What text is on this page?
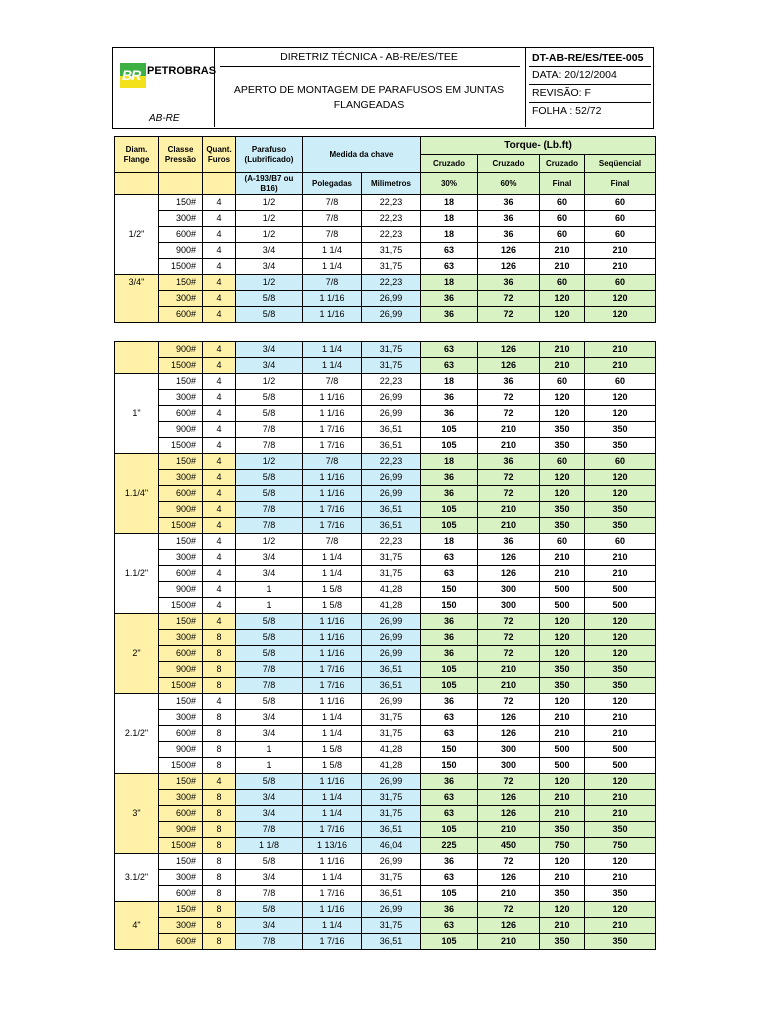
BR PETROBRAS
AB-RE
DIRETRIZ TÉCNICA - AB-RE/ES/TEE
APERTO DE MONTAGEM DE PARAFUSOS EM JUNTAS FLANGEADAS
DT-AB-RE/ES/TEE-005
DATA: 20/12/2004
REVISÃO: F
FOLHA : 52/72
Diam. Flange	Classe Pressão	Quant. Furos	Parafuso (Lubrificado)	Medida da chave		Torque- (Lb.ft)			
						Cruzado	Cruzado	Cruzado	Seqüencial
			(A-193/B7 ou B16)	Polegadas	Milimetros	30%	60%	Final	Final
1/2"	150#	4	1/2	7/8	22,23	18	36	60	60
	300#	4	1/2	7/8	22,23	18	36	60	60
	600#	4	1/2	7/8	22,23	18	36	60	60
	900#	4	3/4	1 1/4	31,75	63	126	210	210
	1500#	4	3/4	1 1/4	31,75	63	126	210	210
3/4"	150#	4	1/2	7/8	22,23	18	36	60	60
	300#	4	5/8	1 1/16	26,99	36	72	120	120
	600#	4	5/8	1 1/16	26,99	36	72	120	120

	900#	4	3/4	1 1/4	31,75	63	126	210	210
	1500#	4	3/4	1 1/4	31,75	63	126	210	210
1"	150#	4	1/2	7/8	22,23	18	36	60	60
	300#	4	5/8	1 1/16	26,99	36	72	120	120
	600#	4	5/8	1 1/16	26,99	36	72	120	120
	900#	4	7/8	1 7/16	36,51	105	210	350	350
	1500#	4	7/8	1 7/16	36,51	105	210	350	350
1.1/4"	150#	4	1/2	7/8	22,23	18	36	60	60
	300#	4	5/8	1 1/16	26,99	36	72	120	120
	600#	4	5/8	1 1/16	26,99	36	72	120	120
	900#	4	7/8	1 7/16	36,51	105	210	350	350
	1500#	4	7/8	1 7/16	36,51	105	210	350	350
1.1/2"	150#	4	1/2	7/8	22,23	18	36	60	60
	300#	4	3/4	1 1/4	31,75	63	126	210	210
	600#	4	3/4	1 1/4	31,75	63	126	210	210
	900#	4	1	1 5/8	41,28	150	300	500	500
	1500#	4	1	1 5/8	41,28	150	300	500	500
2"	150#	4	5/8	1 1/16	26,99	36	72	120	120
	300#	8	5/8	1 1/16	26,99	36	72	120	120
	600#	8	5/8	1 1/16	26,99	36	72	120	120
	900#	8	7/8	1 7/16	36,51	105	210	350	350
	1500#	8	7/8	1 7/16	36,51	105	210	350	350
2.1/2"	150#	4	5/8	1 1/16	26,99	36	72	120	120
	300#	8	3/4	1 1/4	31,75	63	126	210	210
	600#	8	3/4	1 1/4	31,75	63	126	210	210
	900#	8	1	1 5/8	41,28	150	300	500	500
	1500#	8	1	1 5/8	41,28	150	300	500	500
3"	150#	4	5/8	1 1/16	26,99	36	72	120	120
	300#	8	3/4	1 1/4	31,75	63	126	210	210
	600#	8	3/4	1 1/4	31,75	63	126	210	210
	900#	8	7/8	1 7/16	36,51	105	210	350	350
	1500#	8	1 1/8	1 13/16	46,04	225	450	750	750
3.1/2"	150#	8	5/8	1 1/16	26,99	36	72	120	120
	300#	8	3/4	1 1/4	31,75	63	126	210	210
	600#	8	7/8	1 7/16	36,51	105	210	350	350
4"	150#	8	5/8	1 1/16	26,99	36	72	120	120
	300#	8	3/4	1 1/4	31,75	63	126	210	210
	600#	8	7/8	1 7/16	36,51	105	210	350	350
